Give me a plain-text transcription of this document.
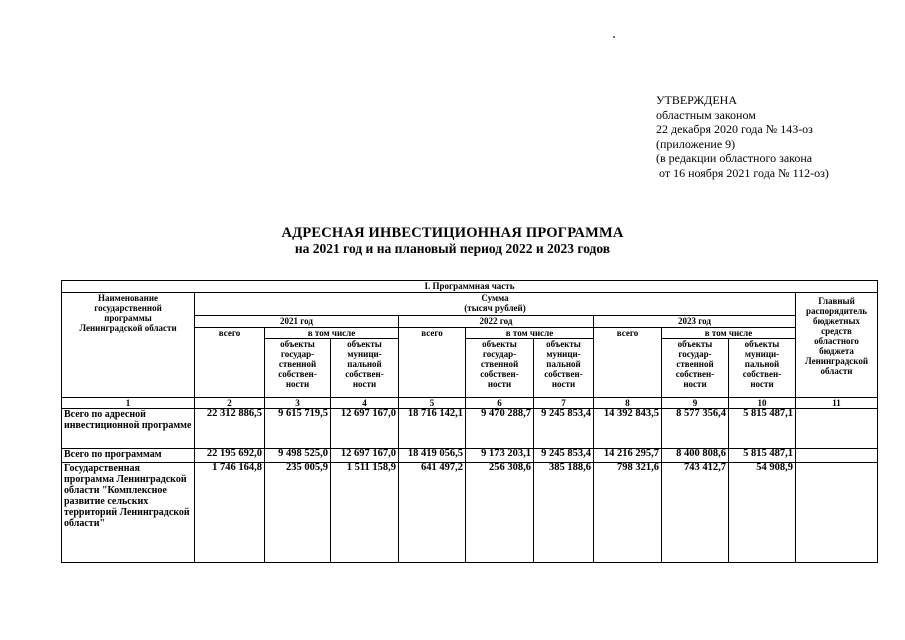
УТВЕРЖДЕНА
областным законом
22 декабря 2020 года № 143-оз
(приложение 9)
(в редакции областного закона
от 16 ноября 2021 года № 112-оз)
АДРЕСНАЯ ИНВЕСТИЦИОННАЯ ПРОГРАММА
на 2021 год и на плановый период 2022 и 2023 годов
I. Программная часть										
Наименование государственной программы Ленинградской области	Сумма
(тысяч рублей)									Главный распорядитель бюджетных средств областного бюджета Ленинградской области
	2021 год			2022 год			2023 год			
	всего	в том числе		всего	в том числе		всего	в том числе		
		объекты государ- ственной собствен- ности	объекты муници- пальной собствен- ности		объекты государ- ственной собствен- ности	объекты муници- пальной собствен- ности		объекты государ- ственной собствен- ности	объекты муници- пальной собствен- ности	
1	2	3	4	5	6	7	8	9	10	11
Всего по адресной инвестиционной программе	22 312 886,5	9 615 719,5	12 697 167,0	18 716 142,1	9 470 288,7	9 245 853,4	14 392 843,5	8 577 356,4	5 815 487,1	
Всего по программам	22 195 692,0	9 498 525,0	12 697 167,0	18 419 056,5	9 173 203,1	9 245 853,4	14 216 295,7	8 400 808,6	5 815 487,1	
Государственная программа Ленинградской области "Комплексное развитие сельских территорий Ленинградской области"	1 746 164,8	235 005,9	1 511 158,9	641 497,2	256 308,6	385 188,6	798 321,6	743 412,7	54 908,9	
